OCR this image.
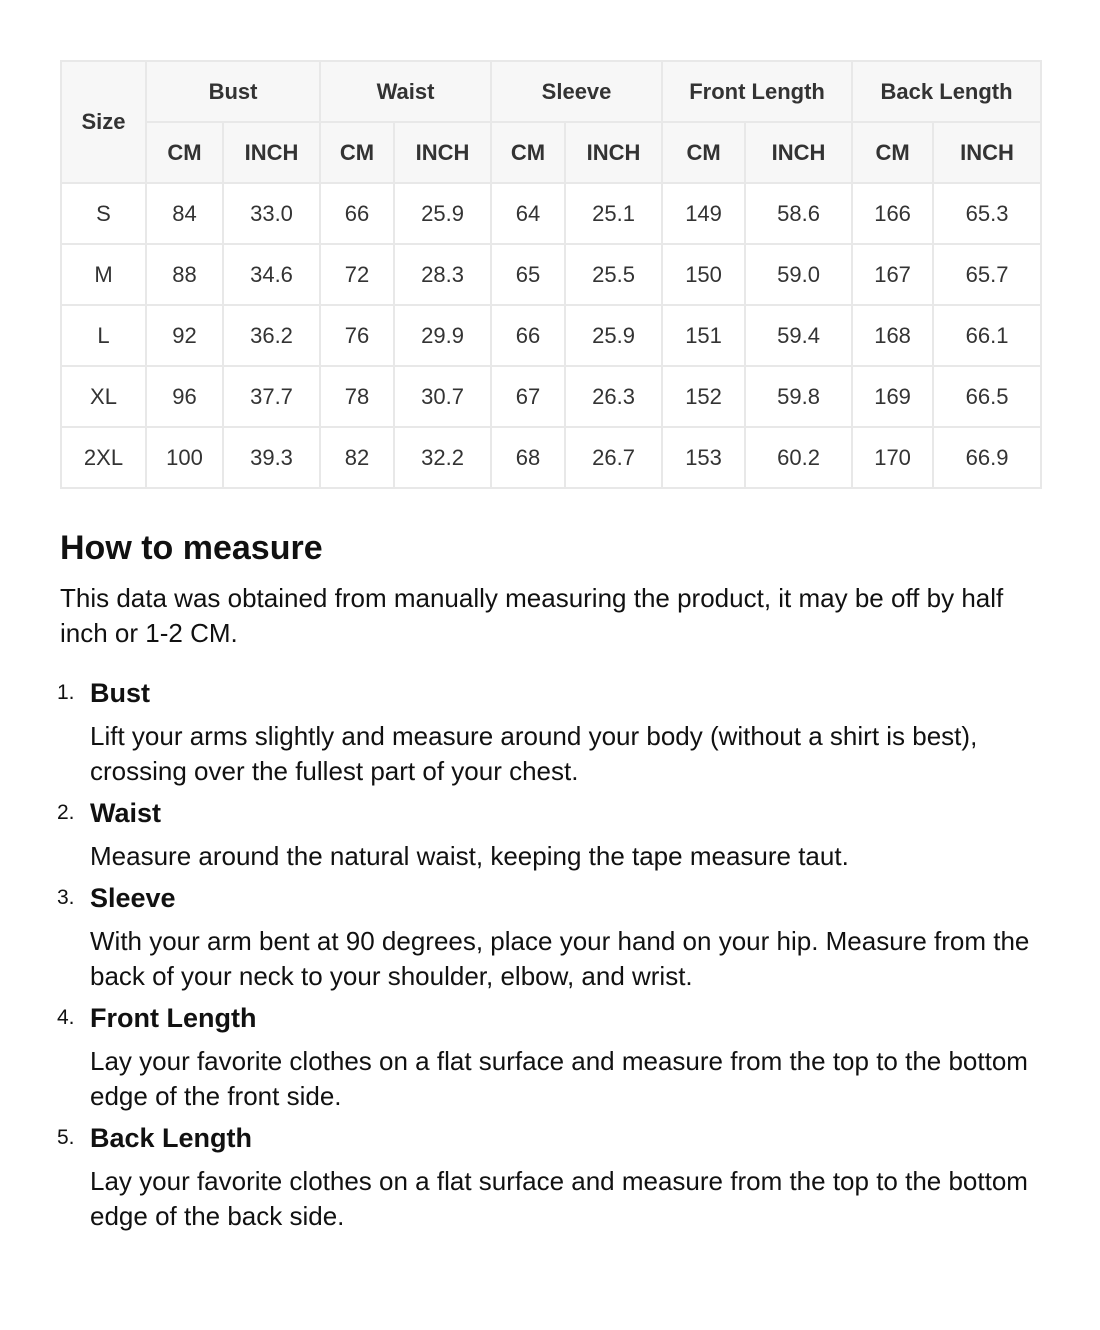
Size	Bust		Waist		Sleeve		Front Length		Back Length	
	CM	INCH	CM	INCH	CM	INCH	CM	INCH	CM	INCH
S	84	33.0	66	25.9	64	25.1	149	58.6	166	65.3
M	88	34.6	72	28.3	65	25.5	150	59.0	167	65.7
L	92	36.2	76	29.9	66	25.9	151	59.4	168	66.1
XL	96	37.7	78	30.7	67	26.3	152	59.8	169	66.5
2XL	100	39.3	82	32.2	68	26.7	153	60.2	170	66.9
How to measure

This data was obtained from manually measuring the product, it may be off by half inch or 1-2 CM.

1. Bust
Lift your arms slightly and measure around your body (without a shirt is best), crossing over the fullest part of your chest.
2. Waist
Measure around the natural waist, keeping the tape measure taut.
3. Sleeve
With your arm bent at 90 degrees, place your hand on your hip. Measure from the back of your neck to your shoulder, elbow, and wrist.
4. Front Length
Lay your favorite clothes on a flat surface and measure from the top to the bottom edge of the front side.
5. Back Length
Lay your favorite clothes on a flat surface and measure from the top to the bottom edge of the back side.
